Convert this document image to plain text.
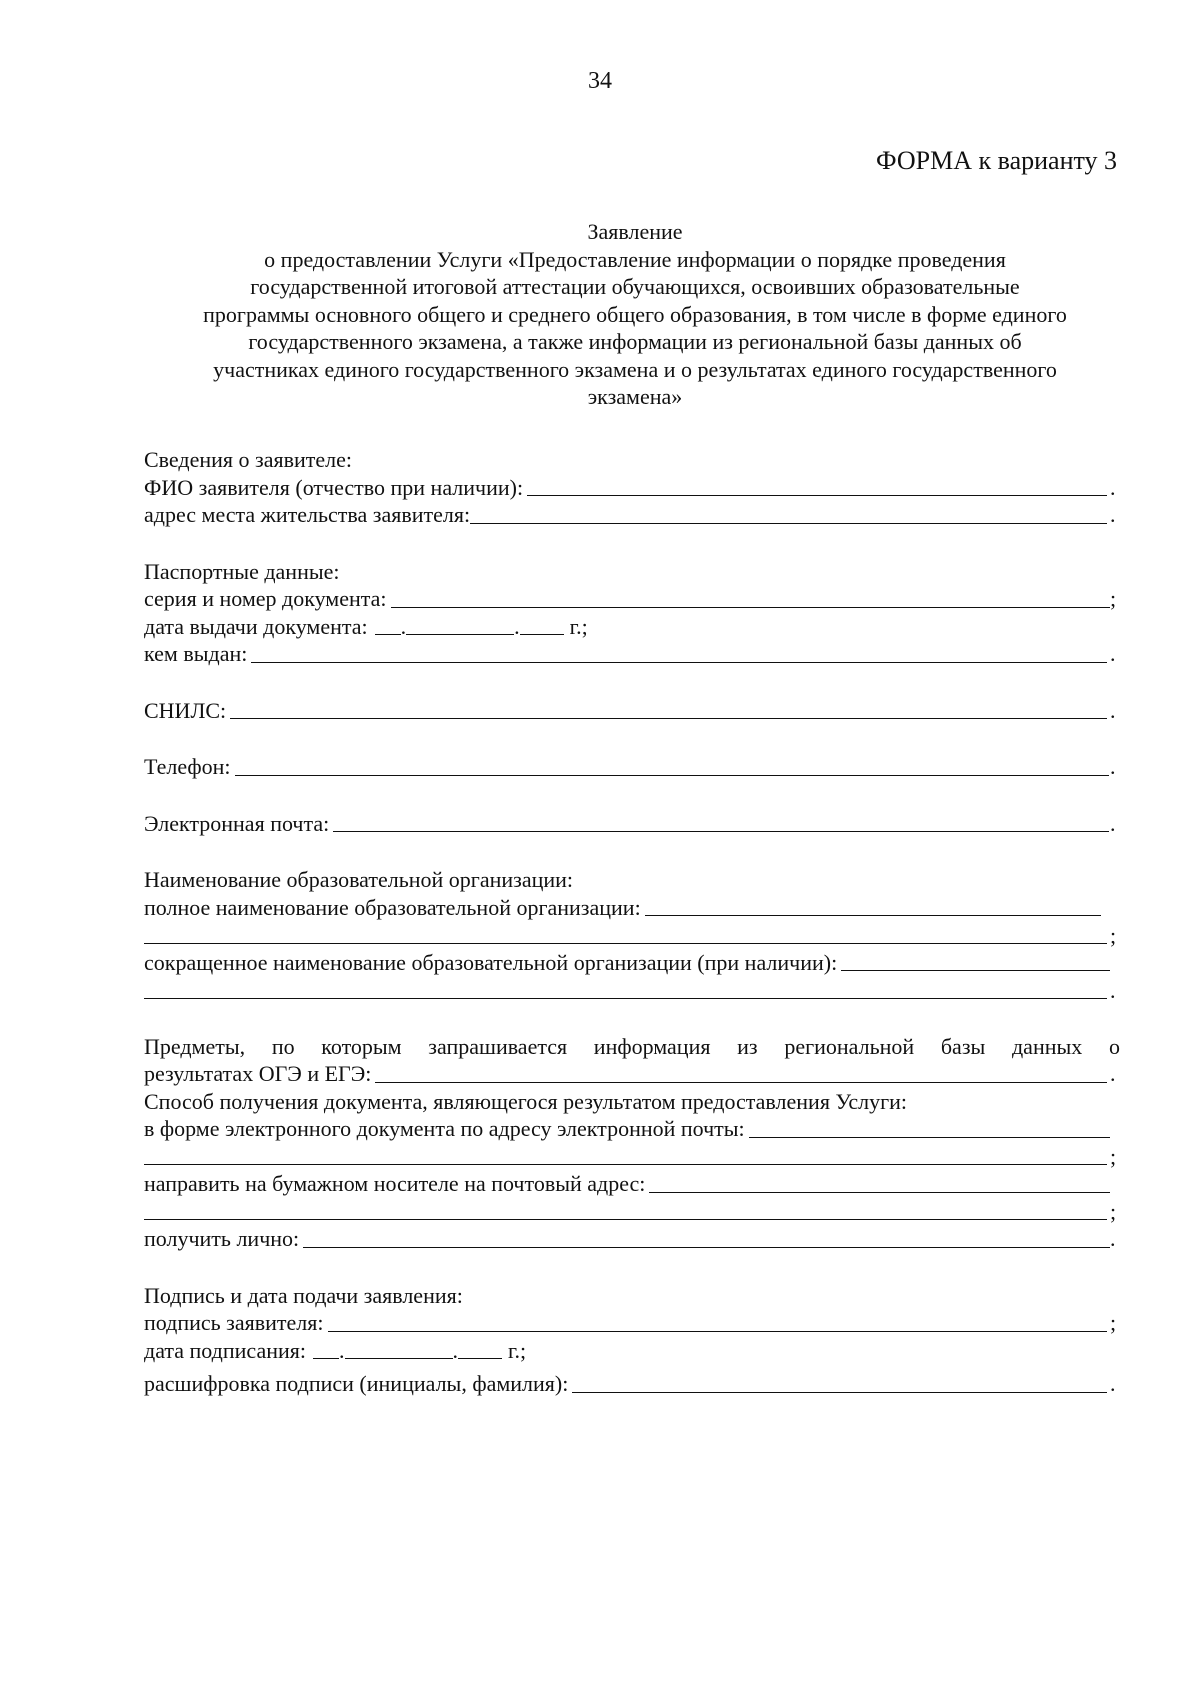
34
ФОРМА к варианту 3
Заявление
о предоставлении Услуги «Предоставление информации о порядке проведения
государственной итоговой аттестации обучающихся, освоивших образовательные
программы основного общего и среднего общего образования, в том числе в форме единого
государственного экзамена, а также информации из региональной базы данных об
участниках единого государственного экзамена и о результатах единого государственного
экзамена»
Сведения о заявителе:
ФИО заявителя (отчество при наличии):	.
адрес места жительства заявителя:	.
Паспортные данные:
серия и номер документа:	;
дата выдачи документа: .	. г.;
кем выдан:	.
СНИЛС:	.
Телефон:	.
Электронная почта:	.
Наименование образовательной организации:
полное наименование образовательной организации:
;
сокращенное наименование образовательной организации (при наличии):
.
Предметы, по которым запрашивается информация из региональной базы данных о
результатах ОГЭ и ЕГЭ:	.
Способ получения документа, являющегося результатом предоставления Услуги:
в форме электронного документа по адресу электронной почты:
;
направить на бумажном носителе на почтовый адрес:
;
получить лично:	.
Подпись и дата подачи заявления:
подпись заявителя:	;
дата подписания: .	. г.;
расшифровка подписи (инициалы, фамилия):	.
